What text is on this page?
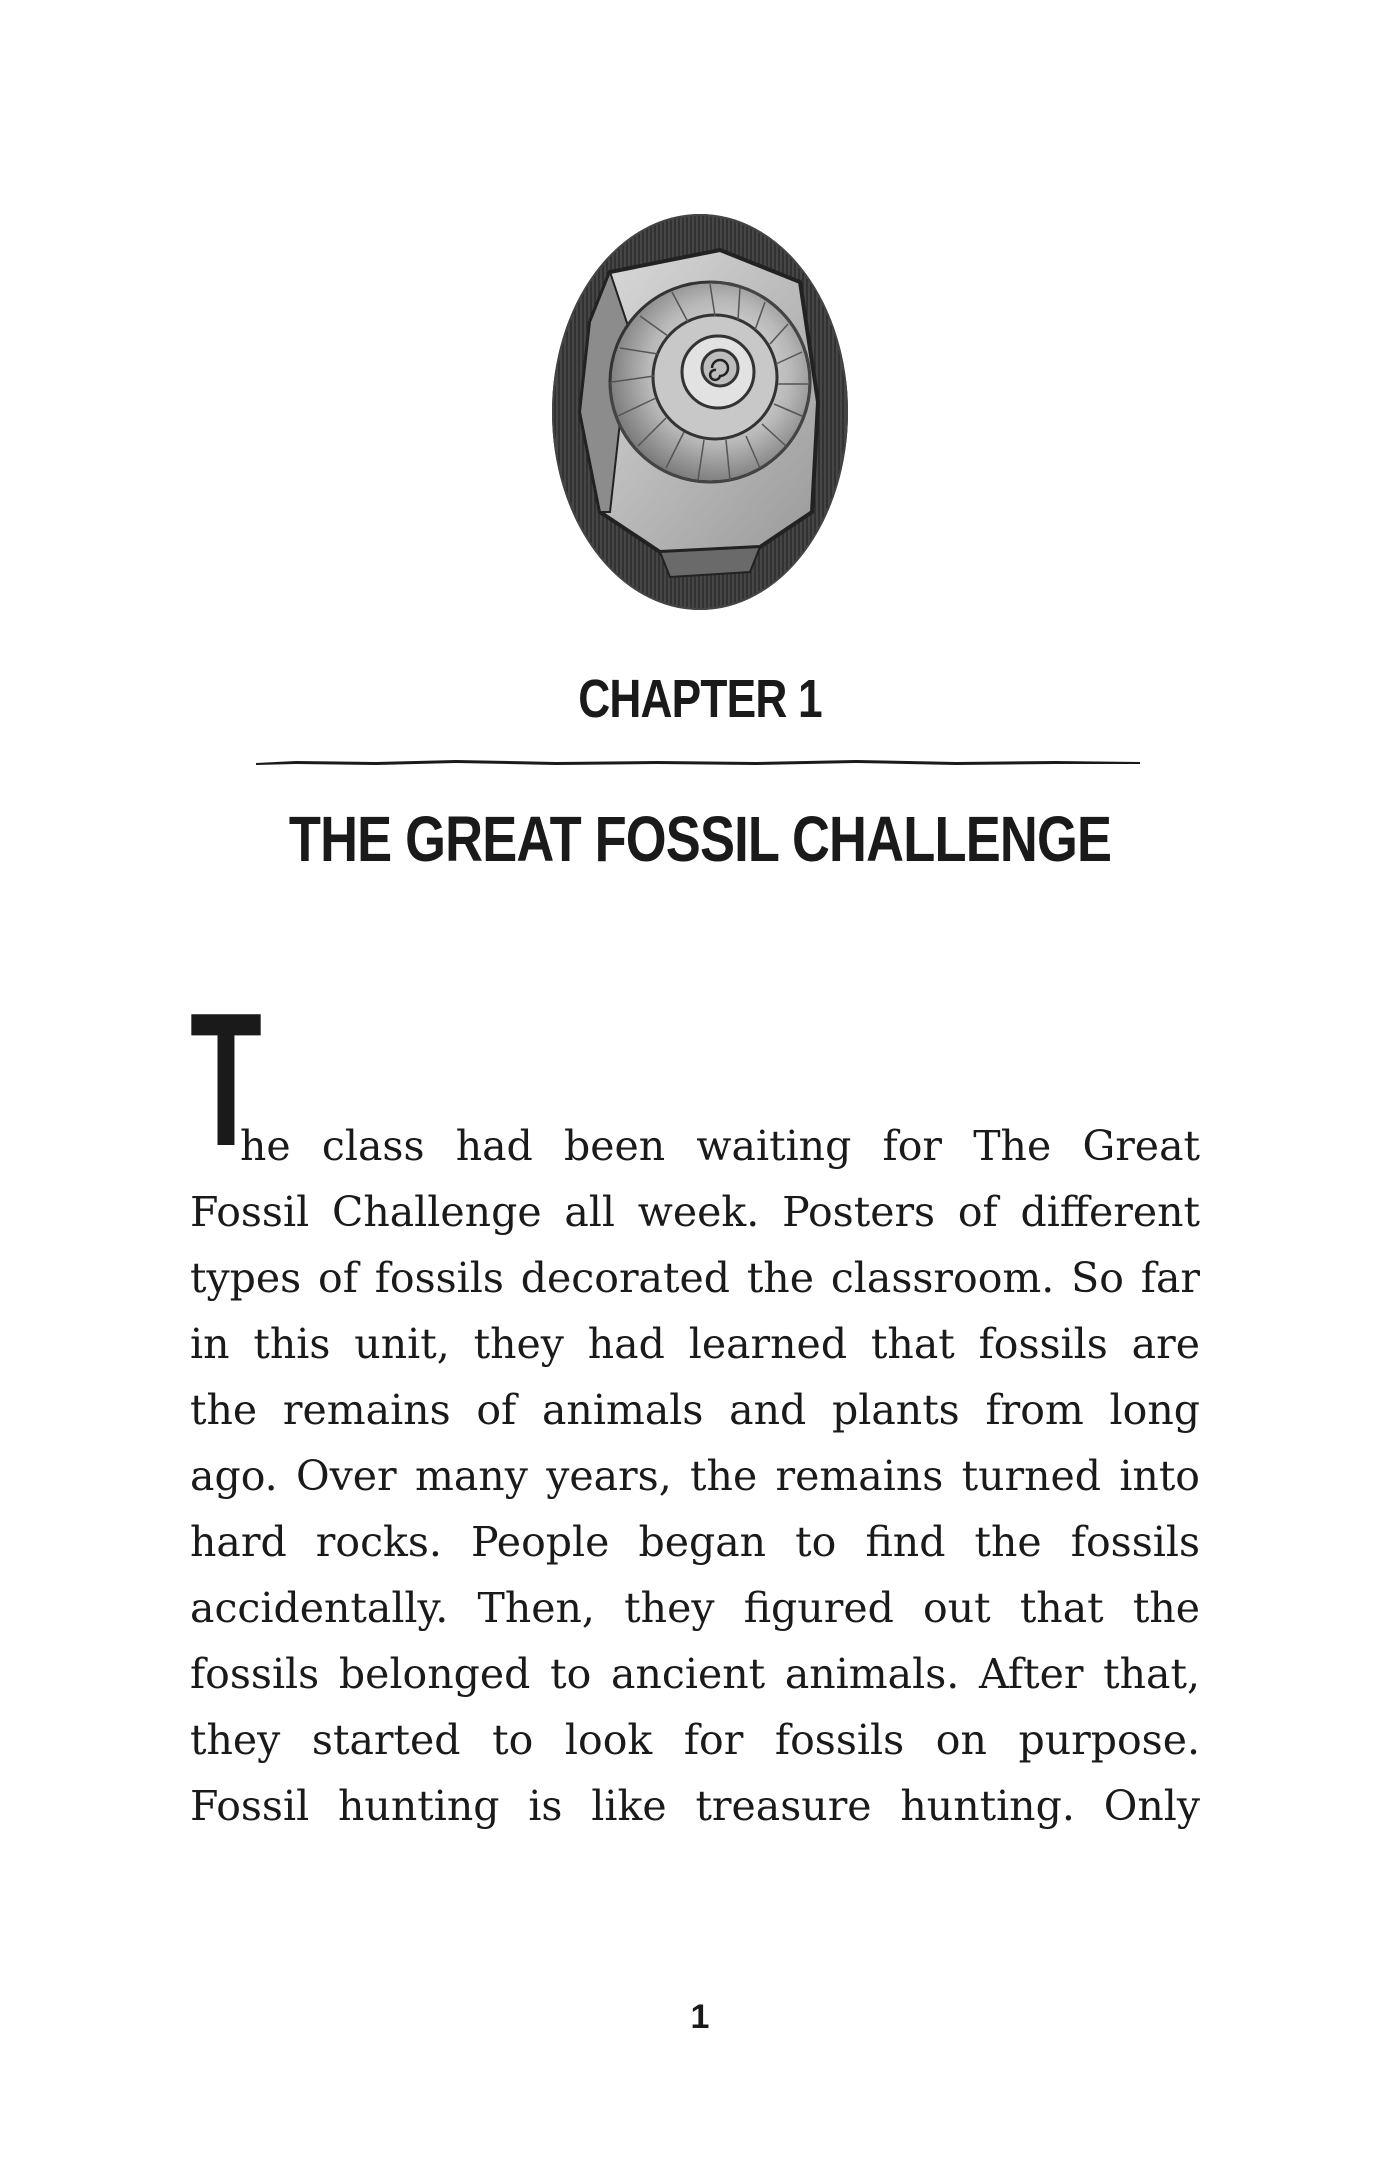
CHAPTER 1
THE GREAT FOSSIL CHALLENGE
T
he class had been waiting for The Great
Fossil Challenge all week. Posters of different
types of fossils decorated the classroom. So far
in this unit, they had learned that fossils are
the remains of animals and plants from long
ago. Over many years, the remains turned into
hard rocks. People began to find the fossils
accidentally. Then, they figured out that the
fossils belonged to ancient animals. After that,
they started to look for fossils on purpose.
Fossil hunting is like treasure hunting. Only
1
